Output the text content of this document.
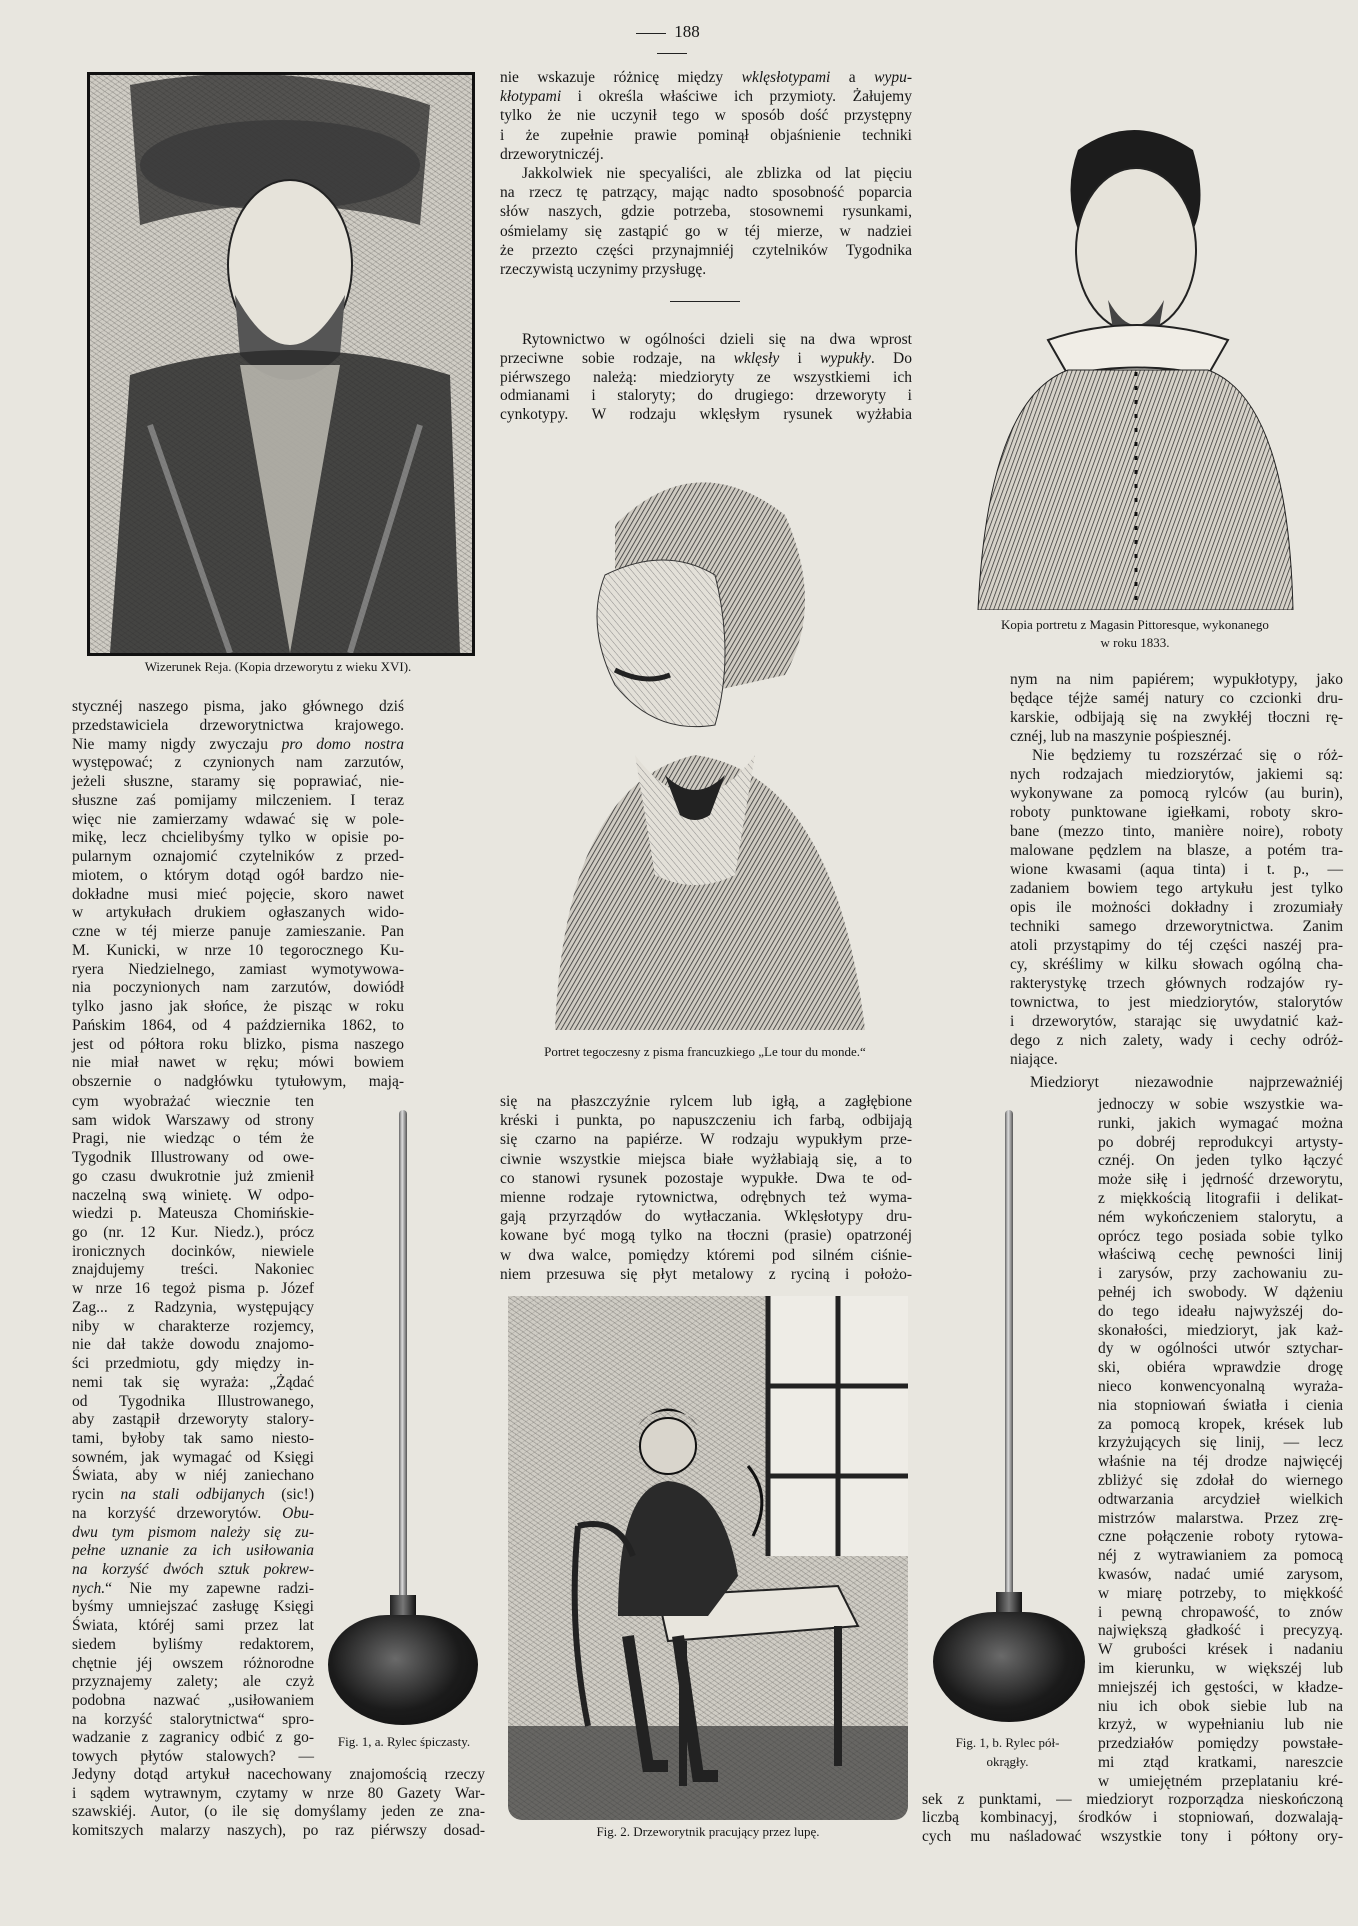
188
Wizerunek Reja. (Kopia drzeworytu z wieku XVI).
stycznéj naszego pisma, jako głównego dziś
przedstawiciela drzeworytnictwa krajowego.
Nie mamy nigdy zwyczaju pro domo nostra
występować; z czynionych nam zarzutów,
jeżeli słuszne, staramy się poprawiać, nie-
słuszne zaś pomijamy milczeniem. I teraz
więc nie zamierzamy wdawać się w pole-
mikę, lecz chcielibyśmy tylko w opisie po-
pularnym oznajomić czytelników z przed-
miotem, o którym dotąd ogół bardzo nie-
dokładne musi mieć pojęcie, skoro nawet
w artykułach drukiem ogłaszanych wido-
czne w téj mierze panuje zamieszanie. Pan
M. Kunicki, w nrze 10 tegorocznego Ku-
ryera Niedzielnego, zamiast wymotywowa-
nia poczynionych nam zarzutów, dowiódł
tylko jasno jak słońce, że pisząc w roku
Pańskim 1864, od 4 października 1862, to
jest od półtora roku blizko, pisma naszego
nie miał nawet w ręku; mówi bowiem
obszernie o nadgłówku tytułowym, mają-
cym wyobrażać wiecznie ten
sam widok Warszawy od strony
Pragi, nie wiedząc o tém że
Tygodnik Illustrowany od owe-
go czasu dwukrotnie już zmienił
naczelną swą winietę. W odpo-
wiedzi p. Mateusza Chomińskie-
go (nr. 12 Kur. Niedz.), prócz
ironicznych docinków, niewiele
znajdujemy treści. Nakoniec
w nrze 16 tegoż pisma p. Józef
Zag... z Radzynia, występujący
niby w charakterze rozjemcy,
nie dał także dowodu znajomo-
ści przedmiotu, gdy między in-
nemi tak się wyraża: „Żądać
od Tygodnika Illustrowanego,
aby zastąpił drzeworyty stalory-
tami, byłoby tak samo niesto-
sowném, jak wymagać od Księgi
Świata, aby w niéj zaniechano
rycin na stali odbijanych (sic!)
na korzyść drzeworytów. Obu-
dwu tym pismom należy się zu-
pełne uznanie za ich usiłowania
na korzyść dwóch sztuk pokrew-
nych.“ Nie my zapewne radzi-
byśmy umniejszać zasługę Księgi
Świata, któréj sami przez lat
siedem byliśmy redaktorem,
chętnie jéj owszem różnorodne
przyznajemy zalety; ale czyż
podobna nazwać „usiłowaniem
na korzyść stalorytnictwa“ spro-
wadzanie z zagranicy odbić z go-
towych płytów stalowych? —
Jedyny dotąd artykuł nacechowany znajomością rzeczy
i sądem wytrawnym, czytamy w nrze 80 Gazety War-
szawskiéj. Autor, (o ile się domyślamy jeden ze zna-
komitszych malarzy naszych), po raz piérwszy dosad-
Fig. 1, a. Rylec śpiczasty.
nie wskazuje różnicę między wklęsłotypami a wypu-
kłotypami i określa właściwe ich przymioty. Żałujemy
tylko że nie uczynił tego w sposób dość przystępny
i że zupełnie prawie pominął objaśnienie techniki
drzeworytniczéj.
Jakkolwiek nie specyaliści, ale zblizka od lat pięciu
na rzecz tę patrzący, mając nadto sposobność poparcia
słów naszych, gdzie potrzeba, stosownemi rysunkami,
ośmielamy się zastąpić go w téj mierze, w nadziei
że przezto części przynajmniéj czytelników Tygodnika
rzeczywistą uczynimy przysługę.
Rytownictwo w ogólności dzieli się na dwa wprost
przeciwne sobie rodzaje, na wklęsły i wypukły. Do
piérwszego należą: miedzioryty ze wszystkiemi ich
odmianami i staloryty; do drugiego: drzeworyty i
cynkotypy. W rodzaju wklęsłym rysunek wyżłabia
Portret tegoczesny z pisma francuzkiego „Le tour du monde.“
się na płaszczyźnie rylcem lub igłą, a zagłębione
kréski i punkta, po napuszczeniu ich farbą, odbijają
się czarno na papiérze. W rodzaju wypukłym prze-
ciwnie wszystkie miejsca białe wyżłabiają się, a to
co stanowi rysunek pozostaje wypukłe. Dwa te od-
mienne rodzaje rytownictwa, odrębnych też wyma-
gają przyrządów do wytłaczania. Wklęsłotypy dru-
kowane być mogą tylko na tłoczni (prasie) opatrzonéj
w dwa walce, pomiędzy któremi pod silném ciśnie-
niem przesuwa się płyt metalowy z ryciną i położo-
Fig. 2. Drzeworytnik pracujący przez lupę.
Kopia portretu z Magasin Pittoresque, wykonanego
w roku 1833.
nym na nim papiérem; wypukłotypy, jako
będące téjże saméj natury co czcionki dru-
karskie, odbijają się na zwykłéj tłoczni rę-
cznéj, lub na maszynie pośpiesznéj.
Nie będziemy tu rozszérzać się o róż-
nych rodzajach miedziorytów, jakiemi są:
wykonywane za pomocą rylców (au burin),
roboty punktowane igiełkami, roboty skro-
bane (mezzo tinto, manière noire), roboty
malowane pędzlem na blasze, a potém tra-
wione kwasami (aqua tinta) i t. p., —
zadaniem bowiem tego artykułu jest tylko
opis ile możności dokładny i zrozumiały
techniki samego drzeworytnictwa. Zanim
atoli przystąpimy do téj części naszéj pra-
cy, skréślimy w kilku słowach ogólną cha-
rakterystykę trzech głównych rodzajów ry-
townictwa, to jest miedziorytów, stalorytów
i drzeworytów, starając się uwydatnić każ-
dego z nich zalety, wady i cechy odróż-
niające.
Miedzioryt niezawodnie najprzeważniéj
jednoczy w sobie wszystkie wa-
runki, jakich wymagać można
po dobréj reprodukcyi artysty-
cznéj. On jeden tylko łączyć
może siłę i jędrność drzeworytu,
z miękkością litografii i delikat-
ném wykończeniem stalorytu, a
oprócz tego posiada sobie tylko
właściwą cechę pewności linij
i zarysów, przy zachowaniu zu-
pełnéj ich swobody. W dążeniu
do tego ideału najwyższéj do-
skonałości, miedzioryt, jak każ-
dy w ogólności utwór sztychar-
ski, obiéra wprawdzie drogę
nieco konwencyonalną wyraża-
nia stopniowań światła i cienia
za pomocą kropek, krések lub
krzyżujących się linij, — lecz
właśnie na téj drodze najwięcéj
zbliżyć się zdołał do wiernego
odtwarzania arcydzieł wielkich
mistrzów malarstwa. Przez zrę-
czne połączenie roboty rytowa-
néj z wytrawianiem za pomocą
kwasów, nadać umié zarysom,
w miarę potrzeby, to miękkość
i pewną chropawość, to znów
największą gładkość i precyzyą.
W grubości krések i nadaniu
im kierunku, w większéj lub
mniejszéj ich gęstości, w kładze-
niu ich obok siebie lub na
krzyż, w wypełnianiu lub nie
przedziałów pomiędzy powstałe-
mi ztąd kratkami, nareszcie
w umiejętném przeplataniu kré-
sek z punktami, — miedzioryt rozporządza nieskończoną
liczbą kombinacyj, środków i stopniowań, dozwalają-
cych mu naśladować wszystkie tony i półtony ory-
Fig. 1, b. Rylec pół-
okrągły.
